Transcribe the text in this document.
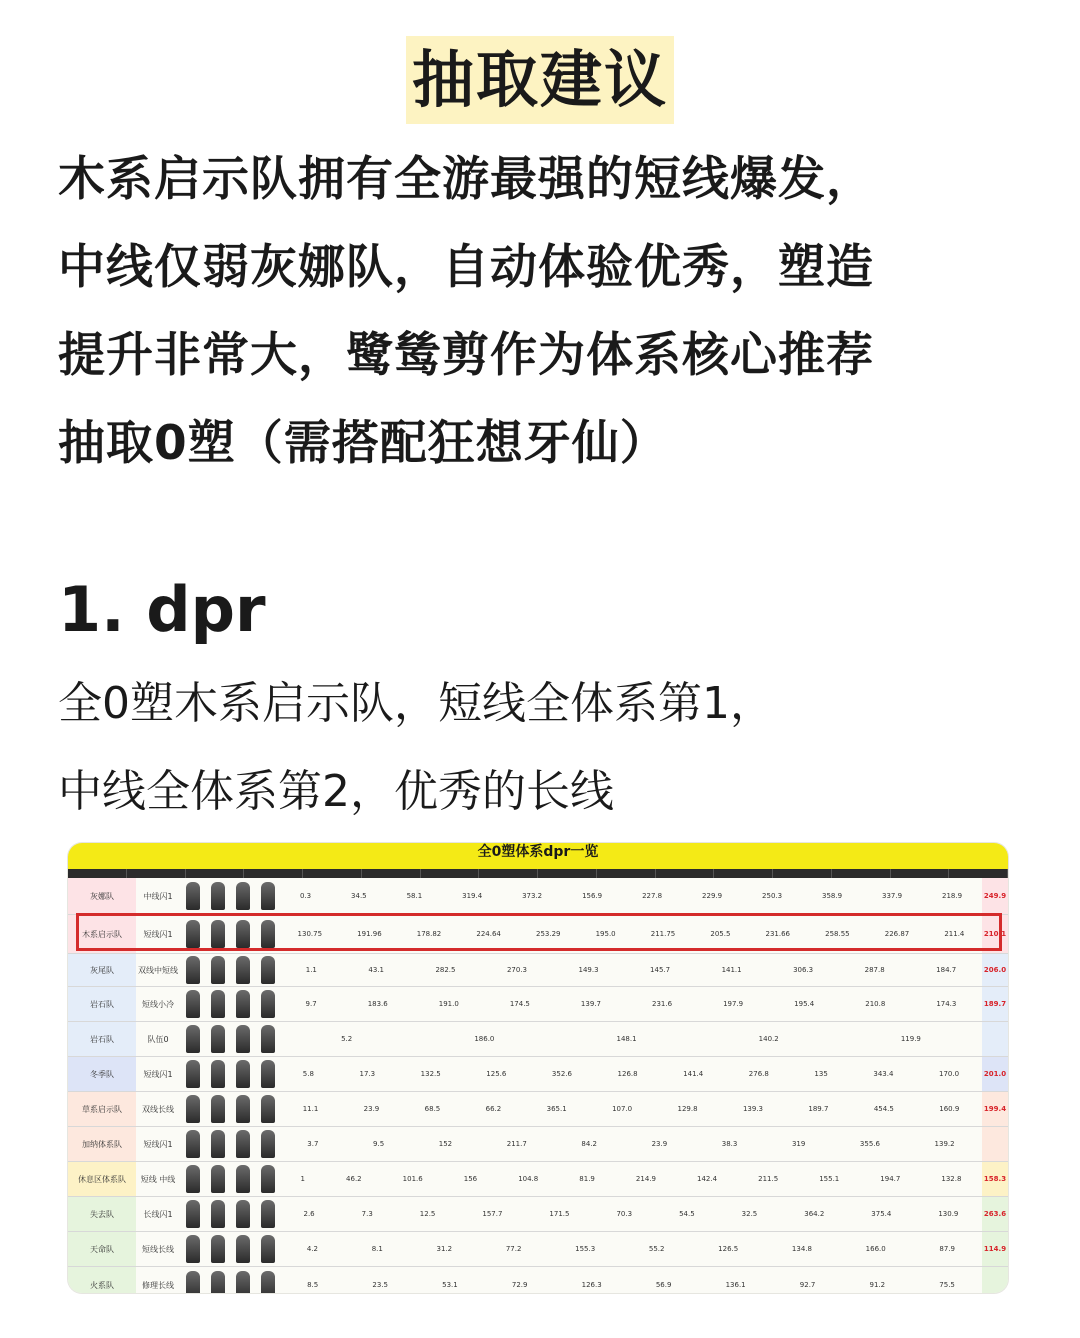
抽取建议
木系启示队拥有全游最强的短线爆发，
中线仅弱灰娜队，自动体验优秀，塑造
提升非常大，鹭鸶剪作为体系核心推荐
抽取0塑（需搭配狂想牙仙）
1. dpr
全0塑木系启示队，短线全体系第1，
中线全体系第2，优秀的长线
全0塑体系dpr一览
灰娜队	中线闪1	0.3	34.5	58.1	319.4	373.2	156.9	227.8	229.9	250.3	358.9	337.9	218.9	249.9
木系启示队	短线闪1	130.75	191.96	178.82	224.64	253.29	195.0	211.75	205.5	231.66	258.55	226.87	211.4	210.1
灰尾队	双线中短线	1.1	43.1	282.5	270.3	149.3	145.7	141.1	306.3	287.8	184.7	206.0
岩石队	短线小冷	9.7	183.6	191.0	174.5	139.7	231.6	197.9	195.4	210.8	174.3	189.7
岩石队	队伍0	5.2	186.0	148.1	140.2	119.9
冬季队	短线闪1	5.8	17.3	132.5	125.6	352.6	126.8	141.4	276.8	135	343.4	170.0	201.0
草系启示队	双线长线	11.1	23.9	68.5	66.2	365.1	107.0	129.8	139.3	189.7	454.5	160.9	199.4
加纳体系队	短线闪1	3.7	9.5	152	211.7	84.2	23.9	38.3	319	355.6	139.2
休息区体系队	短线 中线	1	46.2	101.6	156	104.8	81.9	214.9	142.4	211.5	155.1	194.7	132.8	158.3
失去队	长线闪1	2.6	7.3	12.5	157.7	171.5	70.3	54.5	32.5	364.2	375.4	130.9	263.6
天命队	短线长线	4.2	8.1	31.2	77.2	155.3	55.2	126.5	134.8	166.0	87.9	114.9
火系队	修理长线	8.5	23.5	53.1	72.9	126.3	56.9	136.1	92.7	91.2	75.5
